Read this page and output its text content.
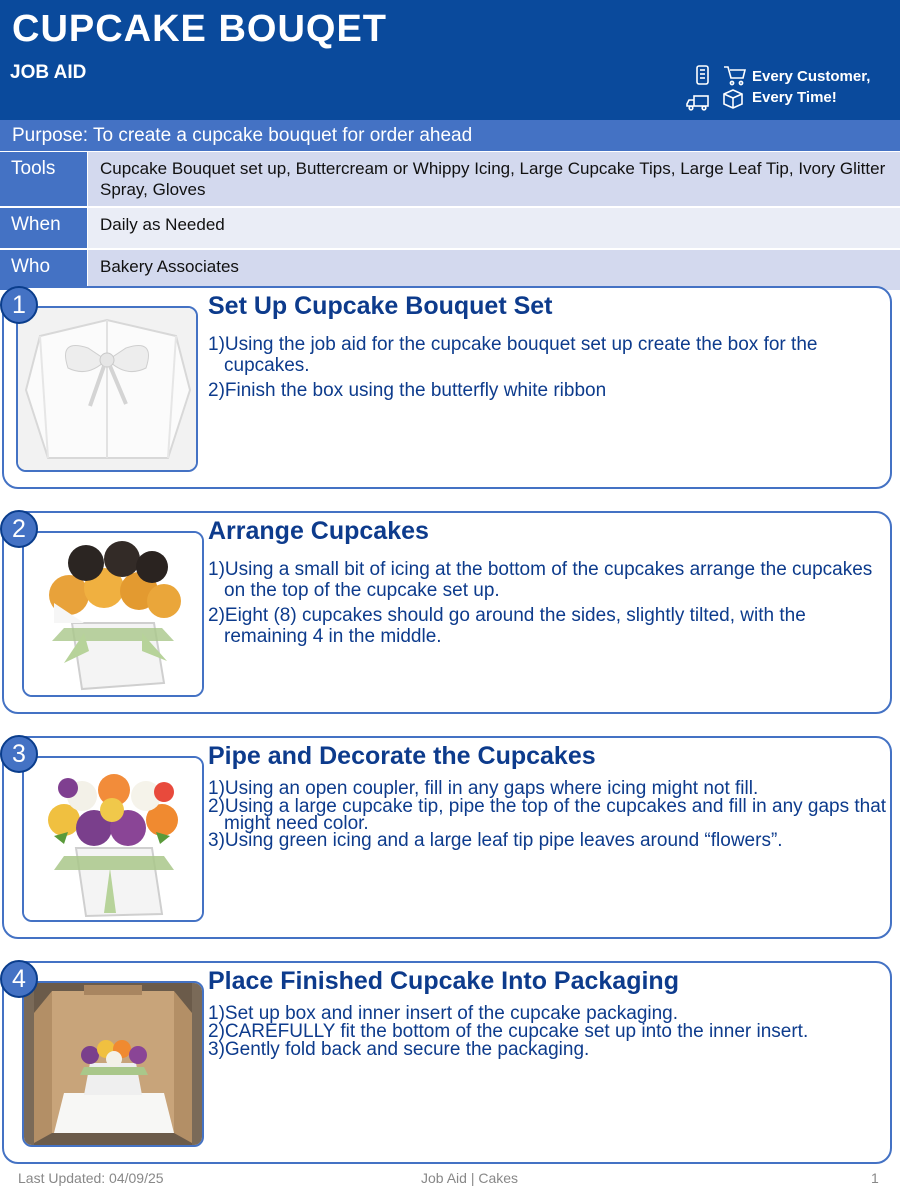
CUPCAKE BOUQET
JOB AID	Every Customer,
Every Time!
Purpose: To create a cupcake bouquet for order ahead
Tools	Cupcake Bouquet set up, Buttercream or Whippy Icing, Large Cupcake Tips, Large Leaf Tip, Ivory Glitter Spray, Gloves
When	Daily as Needed
Who	Bakery Associates
1	Set Up Cupcake Bouquet Set
1)Using the job aid for the cupcake bouquet set up create the box for the cupcakes.
2)Finish the box using the butterfly white ribbon
2	Arrange Cupcakes
1)Using a small bit of icing at the bottom of the cupcakes arrange the cupcakes on the top of the cupcake set up.
2)Eight (8) cupcakes should go around the sides, slightly tilted, with the remaining 4 in the middle.
3	Pipe and Decorate the Cupcakes
1)Using an open coupler, fill in any gaps where icing might not fill.
2)Using a large cupcake tip, pipe the top of the cupcakes and fill in any gaps that might need color.
3)Using green icing and a large leaf tip pipe leaves around “flowers”.
4	Place Finished Cupcake Into Packaging
1)Set up box and inner insert of the cupcake packaging.
2)CAREFULLY fit the bottom of the cupcake set up into the inner insert.
3)Gently fold back and secure the packaging.
Last Updated: 04/09/25	Job Aid | Cakes	1
